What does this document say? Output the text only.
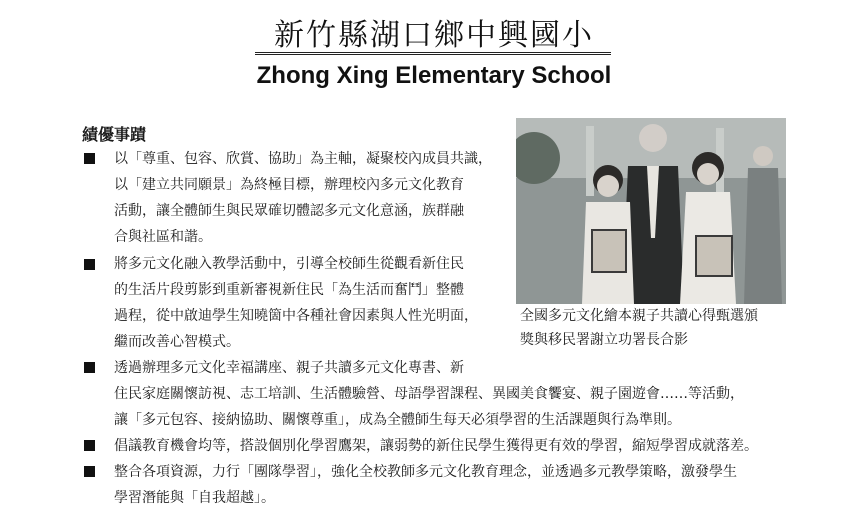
新竹縣湖口鄉中興國小
Zhong Xing Elementary School
績優事蹟
以「尊重、包容、欣賞、協助」為主軸，凝聚校內成員共識，
以「建立共同願景」為終極目標，辦理校內多元文化教育
活動，讓全體師生與民眾確切體認多元文化意涵，族群融
合與社區和諧。
將多元文化融入教學活動中，引導全校師生從觀看新住民
的生活片段剪影到重新審視新住民「為生活而奮鬥」整體
過程，從中啟迪學生知曉箇中各種社會因素與人性光明面，
繼而改善心智模式。
透過辦理多元文化幸福講座、親子共讀多元文化專書、新
住民家庭關懷訪視、志工培訓、生活體驗營、母語學習課程、異國美食饗宴、親子園遊會……等活動，
讓「多元包容、接納協助、關懷尊重」，成為全體師生每天必須學習的生活課題與行為準則。
倡議教育機會均等，搭設個別化學習鷹架，讓弱勢的新住民學生獲得更有效的學習，縮短學習成就落差。
整合各項資源，力行「團隊學習」，強化全校教師多元文化教育理念，並透過多元教學策略，激發學生
學習潛能與「自我超越」。
全國多元文化繪本親子共讀心得甄選頒
獎與移民署謝立功署長合影
